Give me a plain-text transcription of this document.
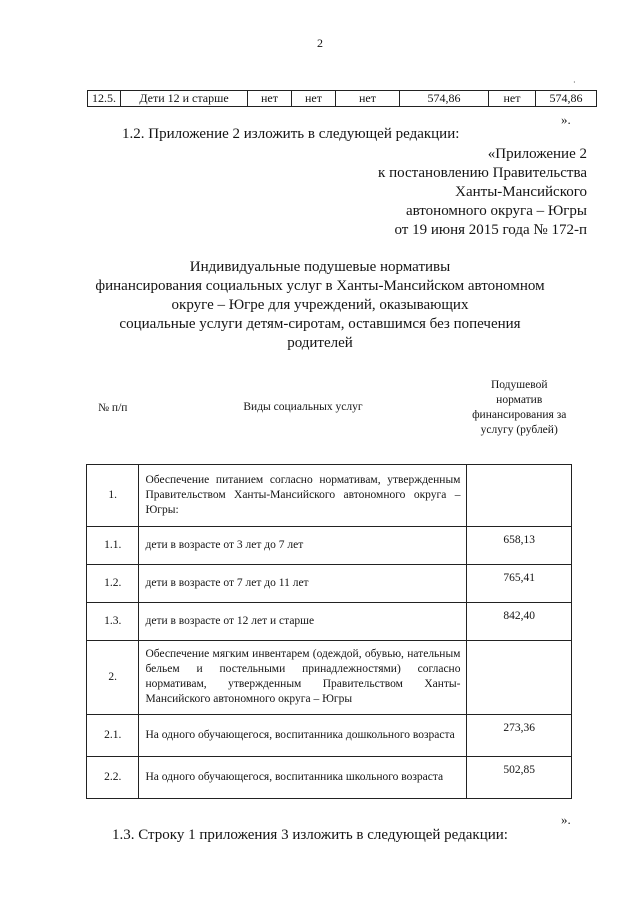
2
·
12.5.	Дети 12 и старше	нет	нет	нет	574,86	нет	574,86
».
1.2. Приложение 2 изложить в следующей редакции:
«Приложение 2
к постановлению Правительства
Ханты-Мансийского
автономного округа – Югры
от 19 июня 2015 года № 172-п
Индивидуальные подушевые нормативы
финансирования социальных услуг в Ханты-Мансийском автономном
округе – Югре для учреждений, оказывающих
социальные услуги детям-сиротам, оставшимся без попечения
родителей
№ п/п	Виды социальных услуг	Подушевой норматив финансирования за услугу (рублей)
1.	Обеспечение питанием согласно нормативам, утвержденным Правительством Ханты-Мансийского автономного округа – Югры:	
1.1.	дети в возрасте от 3 лет до 7 лет	658,13
1.2.	дети в возрасте от 7 лет до 11 лет	765,41
1.3.	дети в возрасте от 12 лет и старше	842,40
2.	Обеспечение мягким инвентарем (одеждой, обувью, нательным бельем и постельными принадлежностями) согласно нормативам, утвержденным Правительством Ханты-Мансийского автономного округа – Югры	
2.1.	На одного обучающегося, воспитанника дошкольного возраста	273,36
2.2.	На одного обучающегося, воспитанника школьного возраста	502,85
».
1.3. Строку 1 приложения 3 изложить в следующей редакции:
